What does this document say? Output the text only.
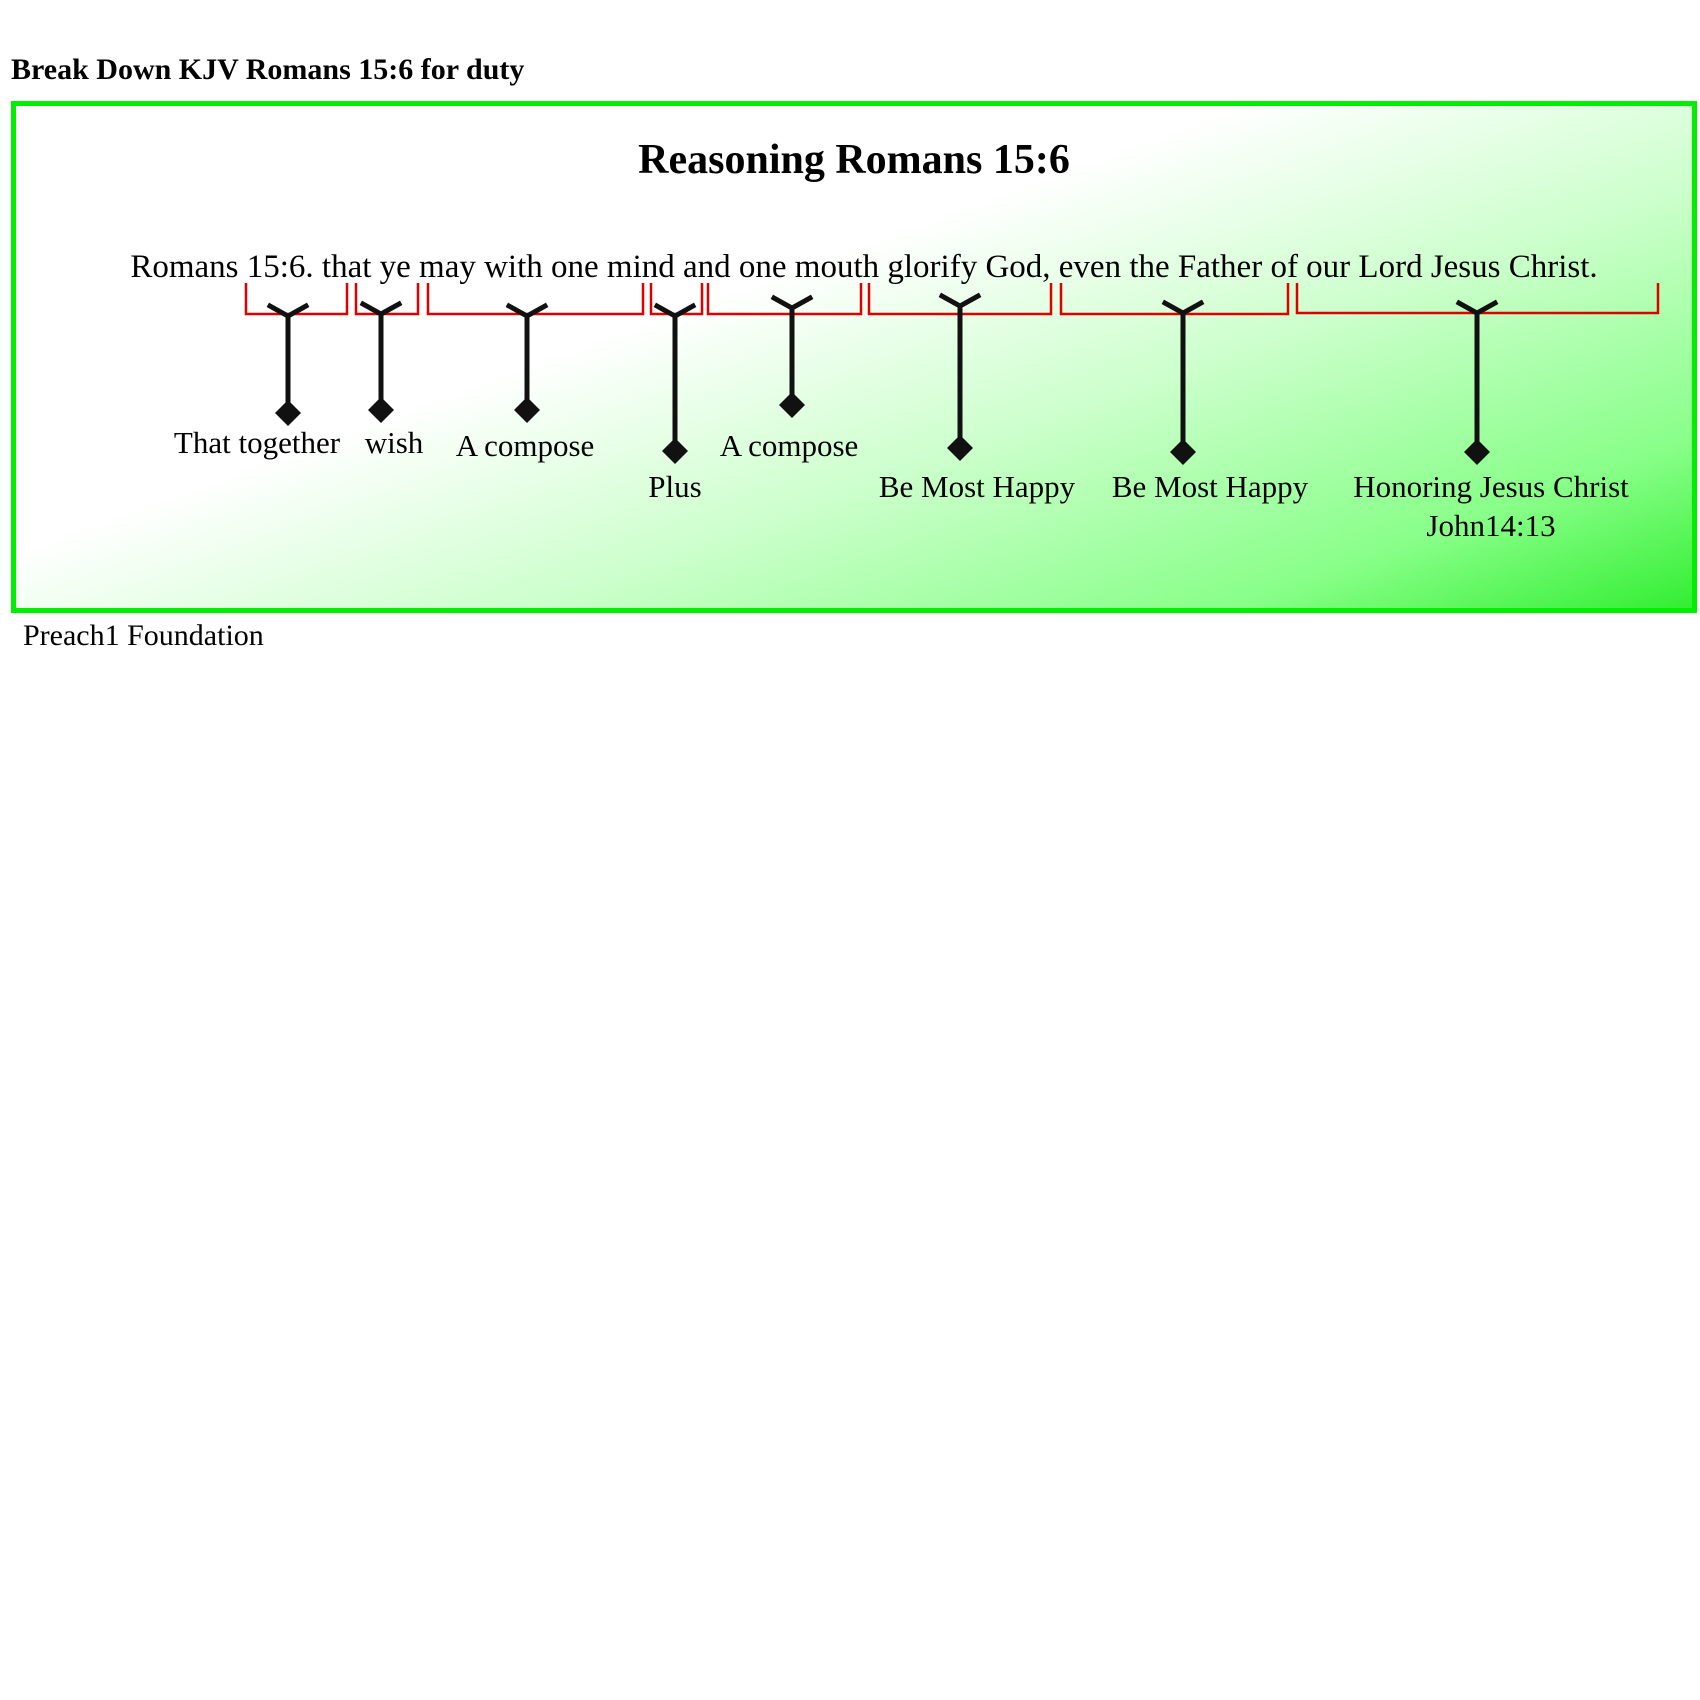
Break Down KJV Romans 15:6 for duty
Reasoning Romans 15:6
Romans 15:6. that ye may with one mind and one mouth glorify God, even the Father of our Lord Jesus Christ.
That together wish A compose
Plus
A compose
Be Most Happy Be Most Happy Honoring Jesus Christ
John14:13
Preach1 Foundation
